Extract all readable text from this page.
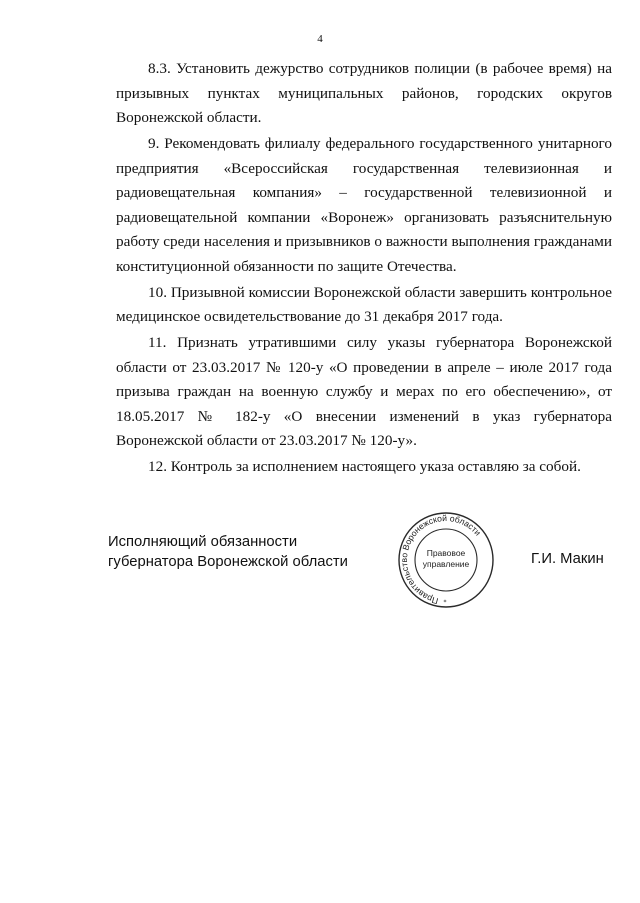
4

8.3. Установить дежурство сотрудников полиции (в рабочее время) на призывных пунктах муниципальных районов, городских округов Воронежской области.

9. Рекомендовать филиалу федерального государственного унитарного предприятия «Всероссийская государственная телевизионная и радиовещательная компания» – государственной телевизионной и радиовещательной компании «Воронеж» организовать разъяснительную работу среди населения и призывников о важности выполнения гражданами конституционной обязанности по защите Отечества.

10. Призывной комиссии Воронежской области завершить контрольное медицинское освидетельствование до 31 декабря 2017 года.

11. Признать утратившими силу указы губернатора Воронежской области от 23.03.2017 № 120-у «О проведении в апреле – июле 2017 года призыва граждан на военную службу и мерах по его обеспечению», от 18.05.2017 № 182-у «О внесении изменений в указ губернатора Воронежской области от 23.03.2017 № 120-у».

12. Контроль за исполнением настоящего указа оставляю за собой.

Исполняющий обязанности
губернатора Воронежской области
Правительство Воронежской области
Правовое
управление
*
Г.И. Макин
